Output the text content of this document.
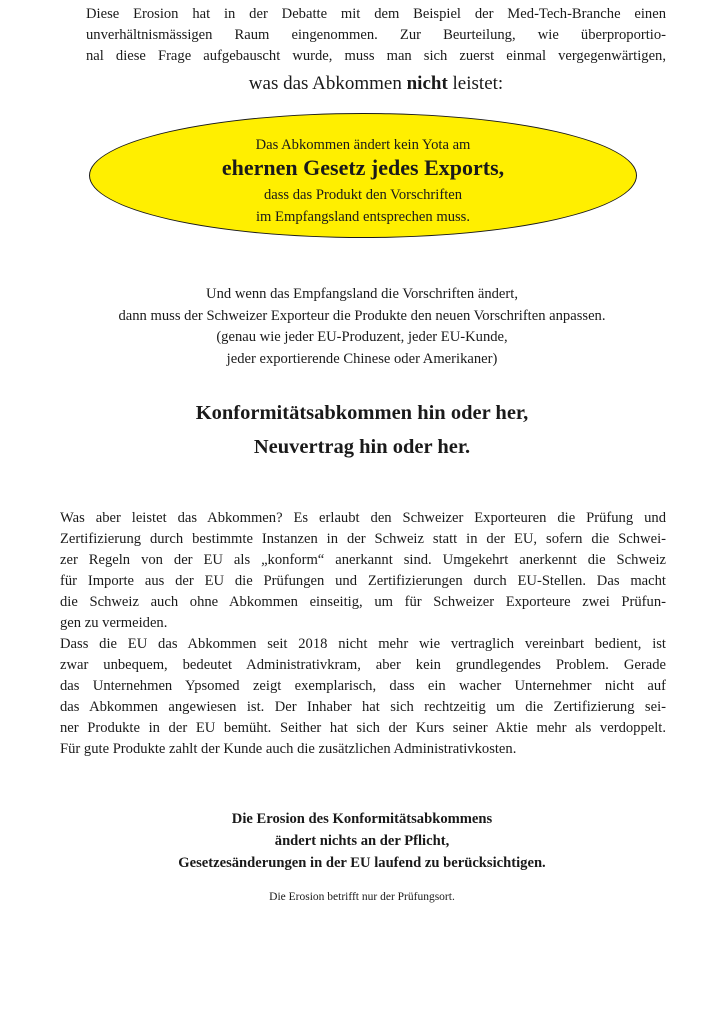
Diese Erosion hat in der Debatte mit dem Beispiel der Med-Tech-Branche einen
unverhältnismässigen Raum eingenommen. Zur Beurteilung, wie überproportio-
nal diese Frage aufgebauscht wurde, muss man sich zuerst einmal vergegenwärtigen,
was das Abkommen nicht leistet:
Das Abkommen ändert kein Yota am
ehernen Gesetz jedes Exports,
dass das Produkt den Vorschriften
im Empfangsland entsprechen muss.
Und wenn das Empfangsland die Vorschriften ändert,
dann muss der Schweizer Exporteur die Produkte den neuen Vorschriften anpassen.
(genau wie jeder EU-Produzent, jeder EU-Kunde,
jeder exportierende Chinese oder Amerikaner)
Konformitätsabkommen hin oder her,
Neuvertrag hin oder her.
Was aber leistet das Abkommen? Es erlaubt den Schweizer Exporteuren die Prüfung und
Zertifizierung durch bestimmte Instanzen in der Schweiz statt in der EU, sofern die Schwei-
zer Regeln von der EU als „konform“ anerkannt sind. Umgekehrt anerkennt die Schweiz
für Importe aus der EU die Prüfungen und Zertifizierungen durch EU-Stellen. Das macht
die Schweiz auch ohne Abkommen einseitig, um für Schweizer Exporteure zwei Prüfun-
gen zu vermeiden.
Dass die EU das Abkommen seit 2018 nicht mehr wie vertraglich vereinbart bedient, ist
zwar unbequem, bedeutet Administrativkram, aber kein grundlegendes Problem. Gerade
das Unternehmen Ypsomed zeigt exemplarisch, dass ein wacher Unternehmer nicht auf
das Abkommen angewiesen ist. Der Inhaber hat sich rechtzeitig um die Zertifizierung sei-
ner Produkte in der EU bemüht. Seither hat sich der Kurs seiner Aktie mehr als verdoppelt.
Für gute Produkte zahlt der Kunde auch die zusätzlichen Administrativkosten.
Die Erosion des Konformitätsabkommens
ändert nichts an der Pflicht,
Gesetzesänderungen in der EU laufend zu berücksichtigen.
Die Erosion betrifft nur der Prüfungsort.
